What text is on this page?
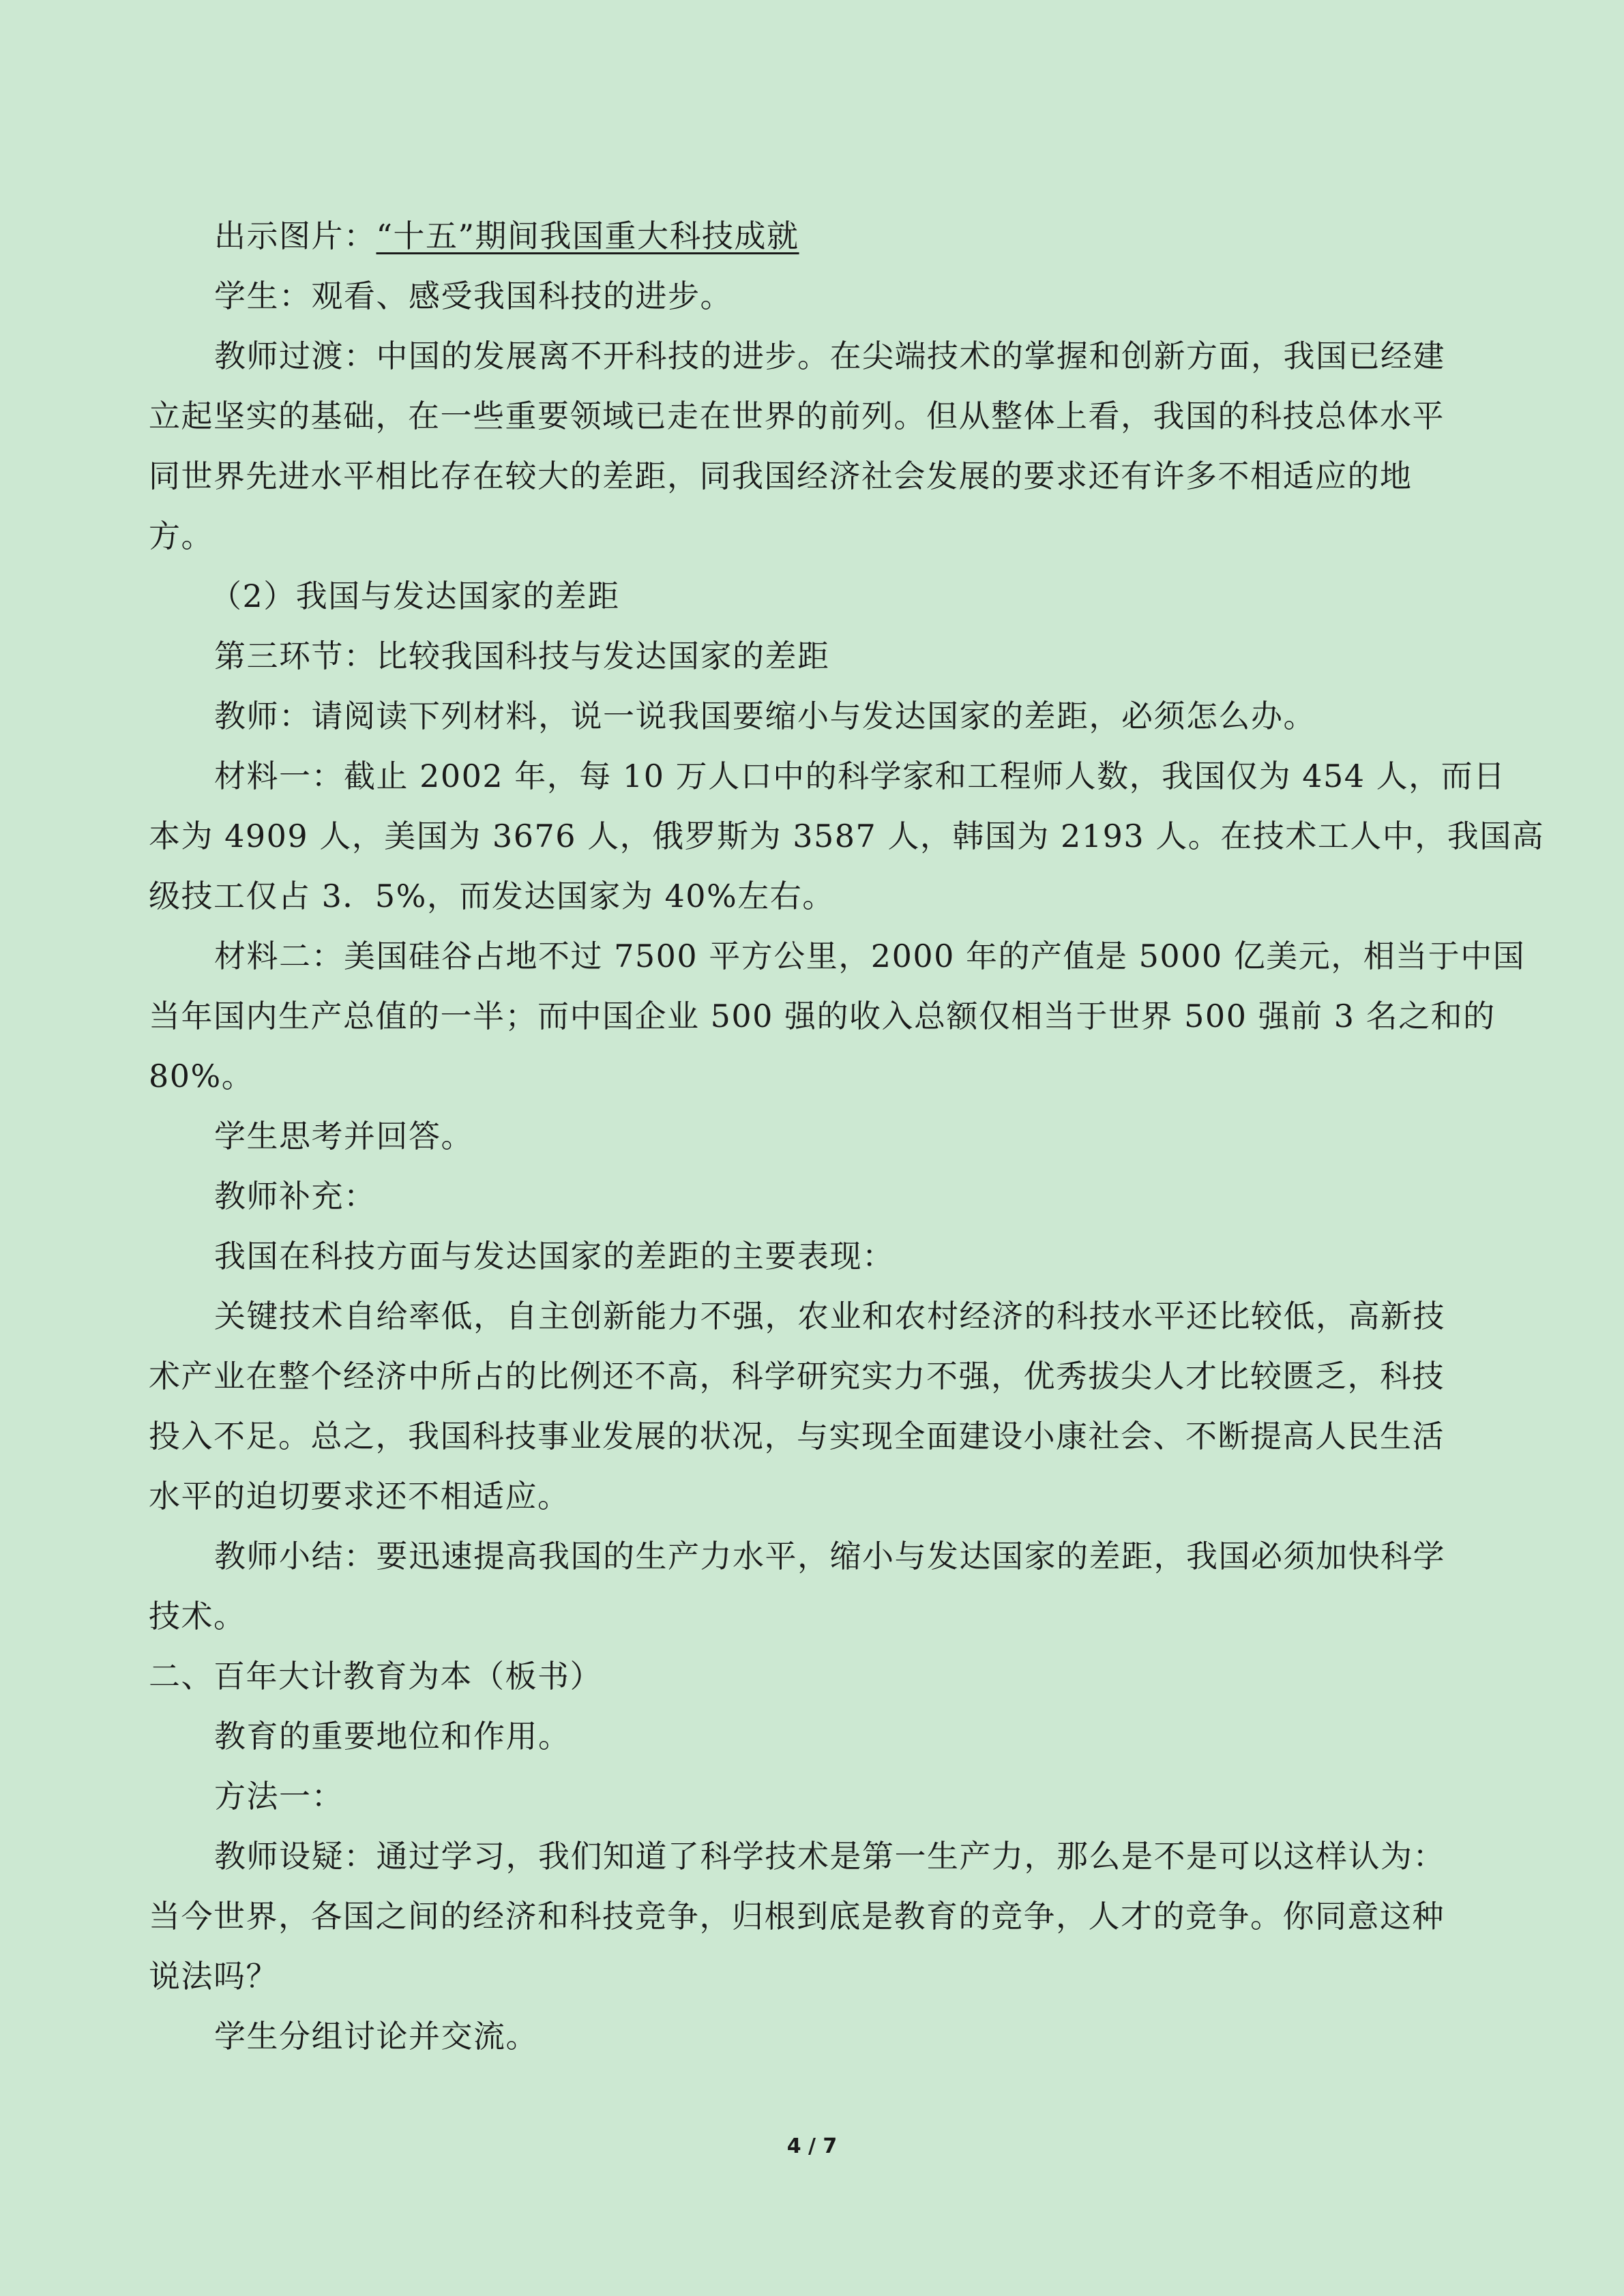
出示图片：“十五”期间我国重大科技成就
学生：观看、感受我国科技的进步。
教师过渡：中国的发展离不开科技的进步。在尖端技术的掌握和创新方面，我国已经建
立起坚实的基础，在一些重要领域已走在世界的前列。但从整体上看，我国的科技总体水平
同世界先进水平相比存在较大的差距，同我国经济社会发展的要求还有许多不相适应的地
方。
（2）我国与发达国家的差距
第三环节：比较我国科技与发达国家的差距
教师：请阅读下列材料，说一说我国要缩小与发达国家的差距，必须怎么办。
材料一：截止 2002 年，每 10 万人口中的科学家和工程师人数，我国仅为 454 人，而日
本为 4909 人，美国为 3676 人，俄罗斯为 3587 人，韩国为 2193 人。在技术工人中，我国高
级技工仅占 3．5%，而发达国家为 40%左右。
材料二：美国硅谷占地不过 7500 平方公里，2000 年的产值是 5000 亿美元，相当于中国
当年国内生产总值的一半；而中国企业 500 强的收入总额仅相当于世界 500 强前 3 名之和的
80%。
学生思考并回答。
教师补充：
我国在科技方面与发达国家的差距的主要表现：
关键技术自给率低，自主创新能力不强，农业和农村经济的科技水平还比较低，高新技
术产业在整个经济中所占的比例还不高，科学研究实力不强，优秀拔尖人才比较匮乏，科技
投入不足。总之，我国科技事业发展的状况，与实现全面建设小康社会、不断提高人民生活
水平的迫切要求还不相适应。
教师小结：要迅速提高我国的生产力水平，缩小与发达国家的差距，我国必须加快科学
技术。
二、百年大计教育为本（板书）
教育的重要地位和作用。
方法一：
教师设疑：通过学习，我们知道了科学技术是第一生产力，那么是不是可以这样认为：
当今世界，各国之间的经济和科技竞争，归根到底是教育的竞争，人才的竞争。你同意这种
说法吗？
学生分组讨论并交流。
4 / 7
